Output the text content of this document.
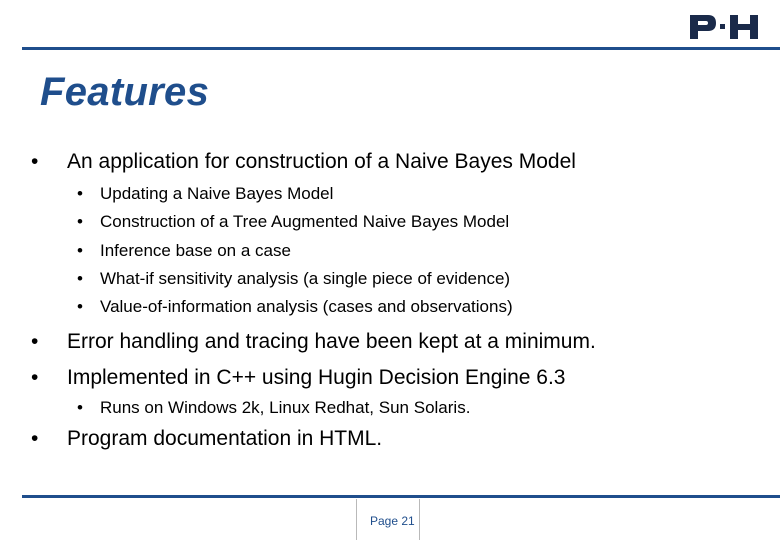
Features
• An application for construction of a Naive Bayes Model
• Updating a Naive Bayes Model
• Construction of a Tree Augmented Naive Bayes Model
• Inference base on a case
• What-if sensitivity analysis (a single piece of evidence)
• Value-of-information analysis (cases and observations)
• Error handling and tracing have been kept at a minimum.
• Implemented in C++ using Hugin Decision Engine 6.3
• Runs on Windows 2k, Linux Redhat, Sun Solaris.
• Program documentation in HTML.
Page 21
